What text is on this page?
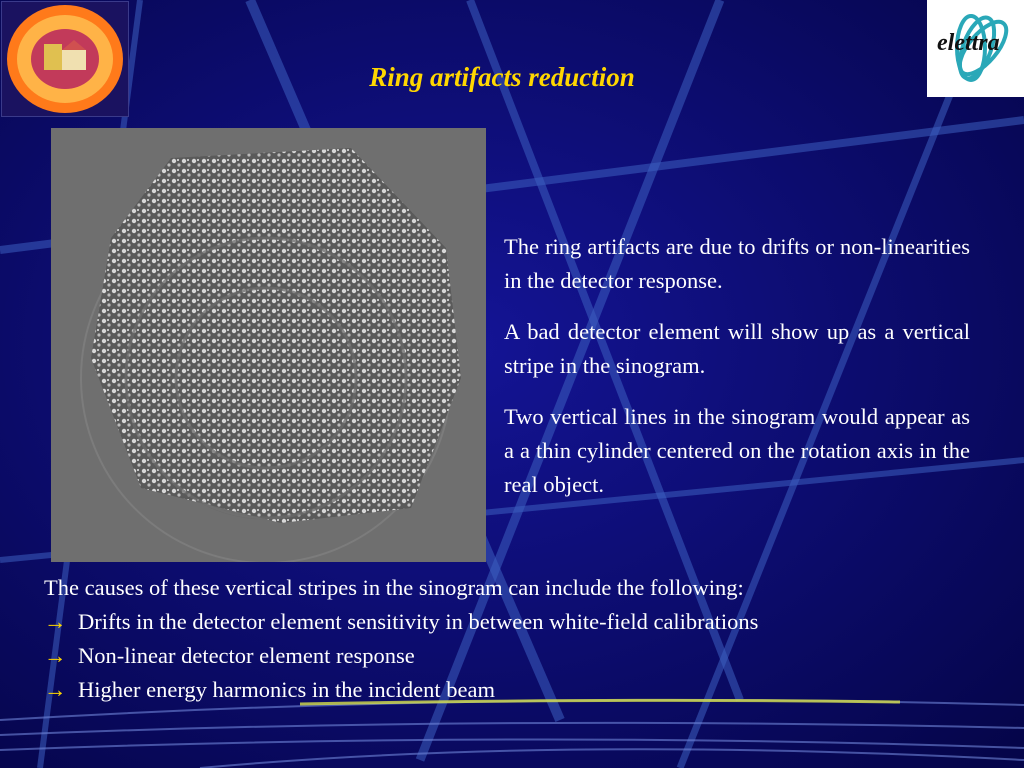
elettra
Ring artifacts reduction

The ring artifacts are due to drifts or non-linearities in the detector response.

A bad detector element will show up as a vertical stripe in the sinogram.

Two vertical lines in the sinogram would appear as a a thin cylinder centered on the rotation axis in the real object.

The causes of these vertical stripes in the sinogram can include the following:
→ Drifts in the detector element sensitivity in between white-field calibrations
→ Non-linear detector element response
→ Higher energy harmonics in the incident beam
